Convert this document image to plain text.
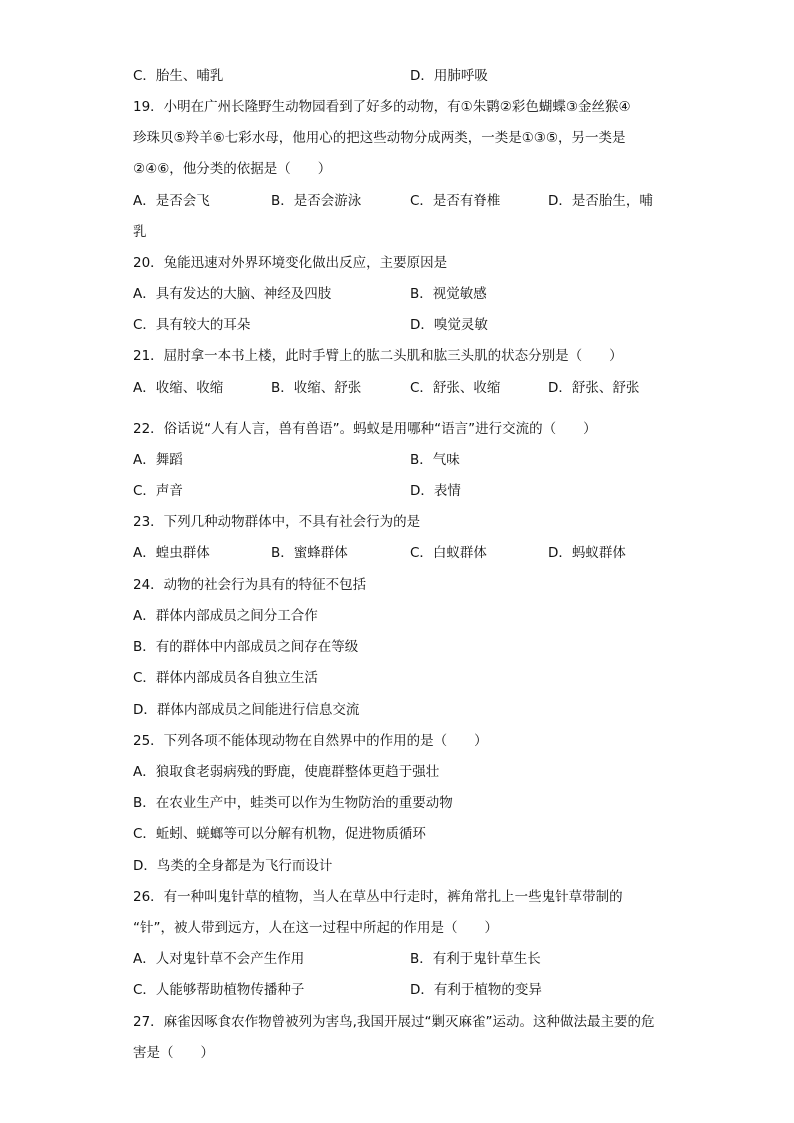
C．胎生、哺乳	D．用肺呼吸
19．小明在广州长隆野生动物园看到了好多的动物，有①朱鹮②彩色蝴蝶③金丝猴④
珍珠贝⑤羚羊⑥七彩水母，他用心的把这些动物分成两类，一类是①③⑤，另一类是
②④⑥，他分类的依据是（　　）
A．是否会飞	B．是否会游泳	C．是否有脊椎	D．是否胎生，哺
乳
20．兔能迅速对外界环境变化做出反应，主要原因是
A．具有发达的大脑、神经及四肢	B．视觉敏感
C．具有较大的耳朵	D．嗅觉灵敏
21．屈肘拿一本书上楼，此时手臂上的肱二头肌和肱三头肌的状态分别是（　　）
A．收缩、收缩	B．收缩、舒张	C．舒张、收缩	D．舒张、舒张
22．俗话说“人有人言，兽有兽语”。蚂蚁是用哪种“语言”进行交流的（　　）
A．舞蹈	B．气味
C．声音	D．表情
23．下列几种动物群体中，不具有社会行为的是
A．蝗虫群体	B．蜜蜂群体	C．白蚁群体	D．蚂蚁群体
24．动物的社会行为具有的特征不包括
A．群体内部成员之间分工合作
B．有的群体中内部成员之间存在等级
C．群体内部成员各自独立生活
D．群体内部成员之间能进行信息交流
25．下列各项不能体现动物在自然界中的作用的是（　　）
A．狼取食老弱病残的野鹿，使鹿群整体更趋于强壮
B．在农业生产中，蛙类可以作为生物防治的重要动物
C．蚯蚓、蜣螂等可以分解有机物，促进物质循环
D．鸟类的全身都是为飞行而设计
26．有一种叫鬼针草的植物，当人在草丛中行走时，裤角常扎上一些鬼针草带制的
“针”，被人带到远方，人在这一过程中所起的作用是（　　）
A．人对鬼针草不会产生作用	B．有利于鬼针草生长
C．人能够帮助植物传播种子	D．有利于植物的变异
27．麻雀因啄食农作物曾被列为害鸟,我国开展过“剿灭麻雀”运动。这种做法最主要的危
害是（　　）
